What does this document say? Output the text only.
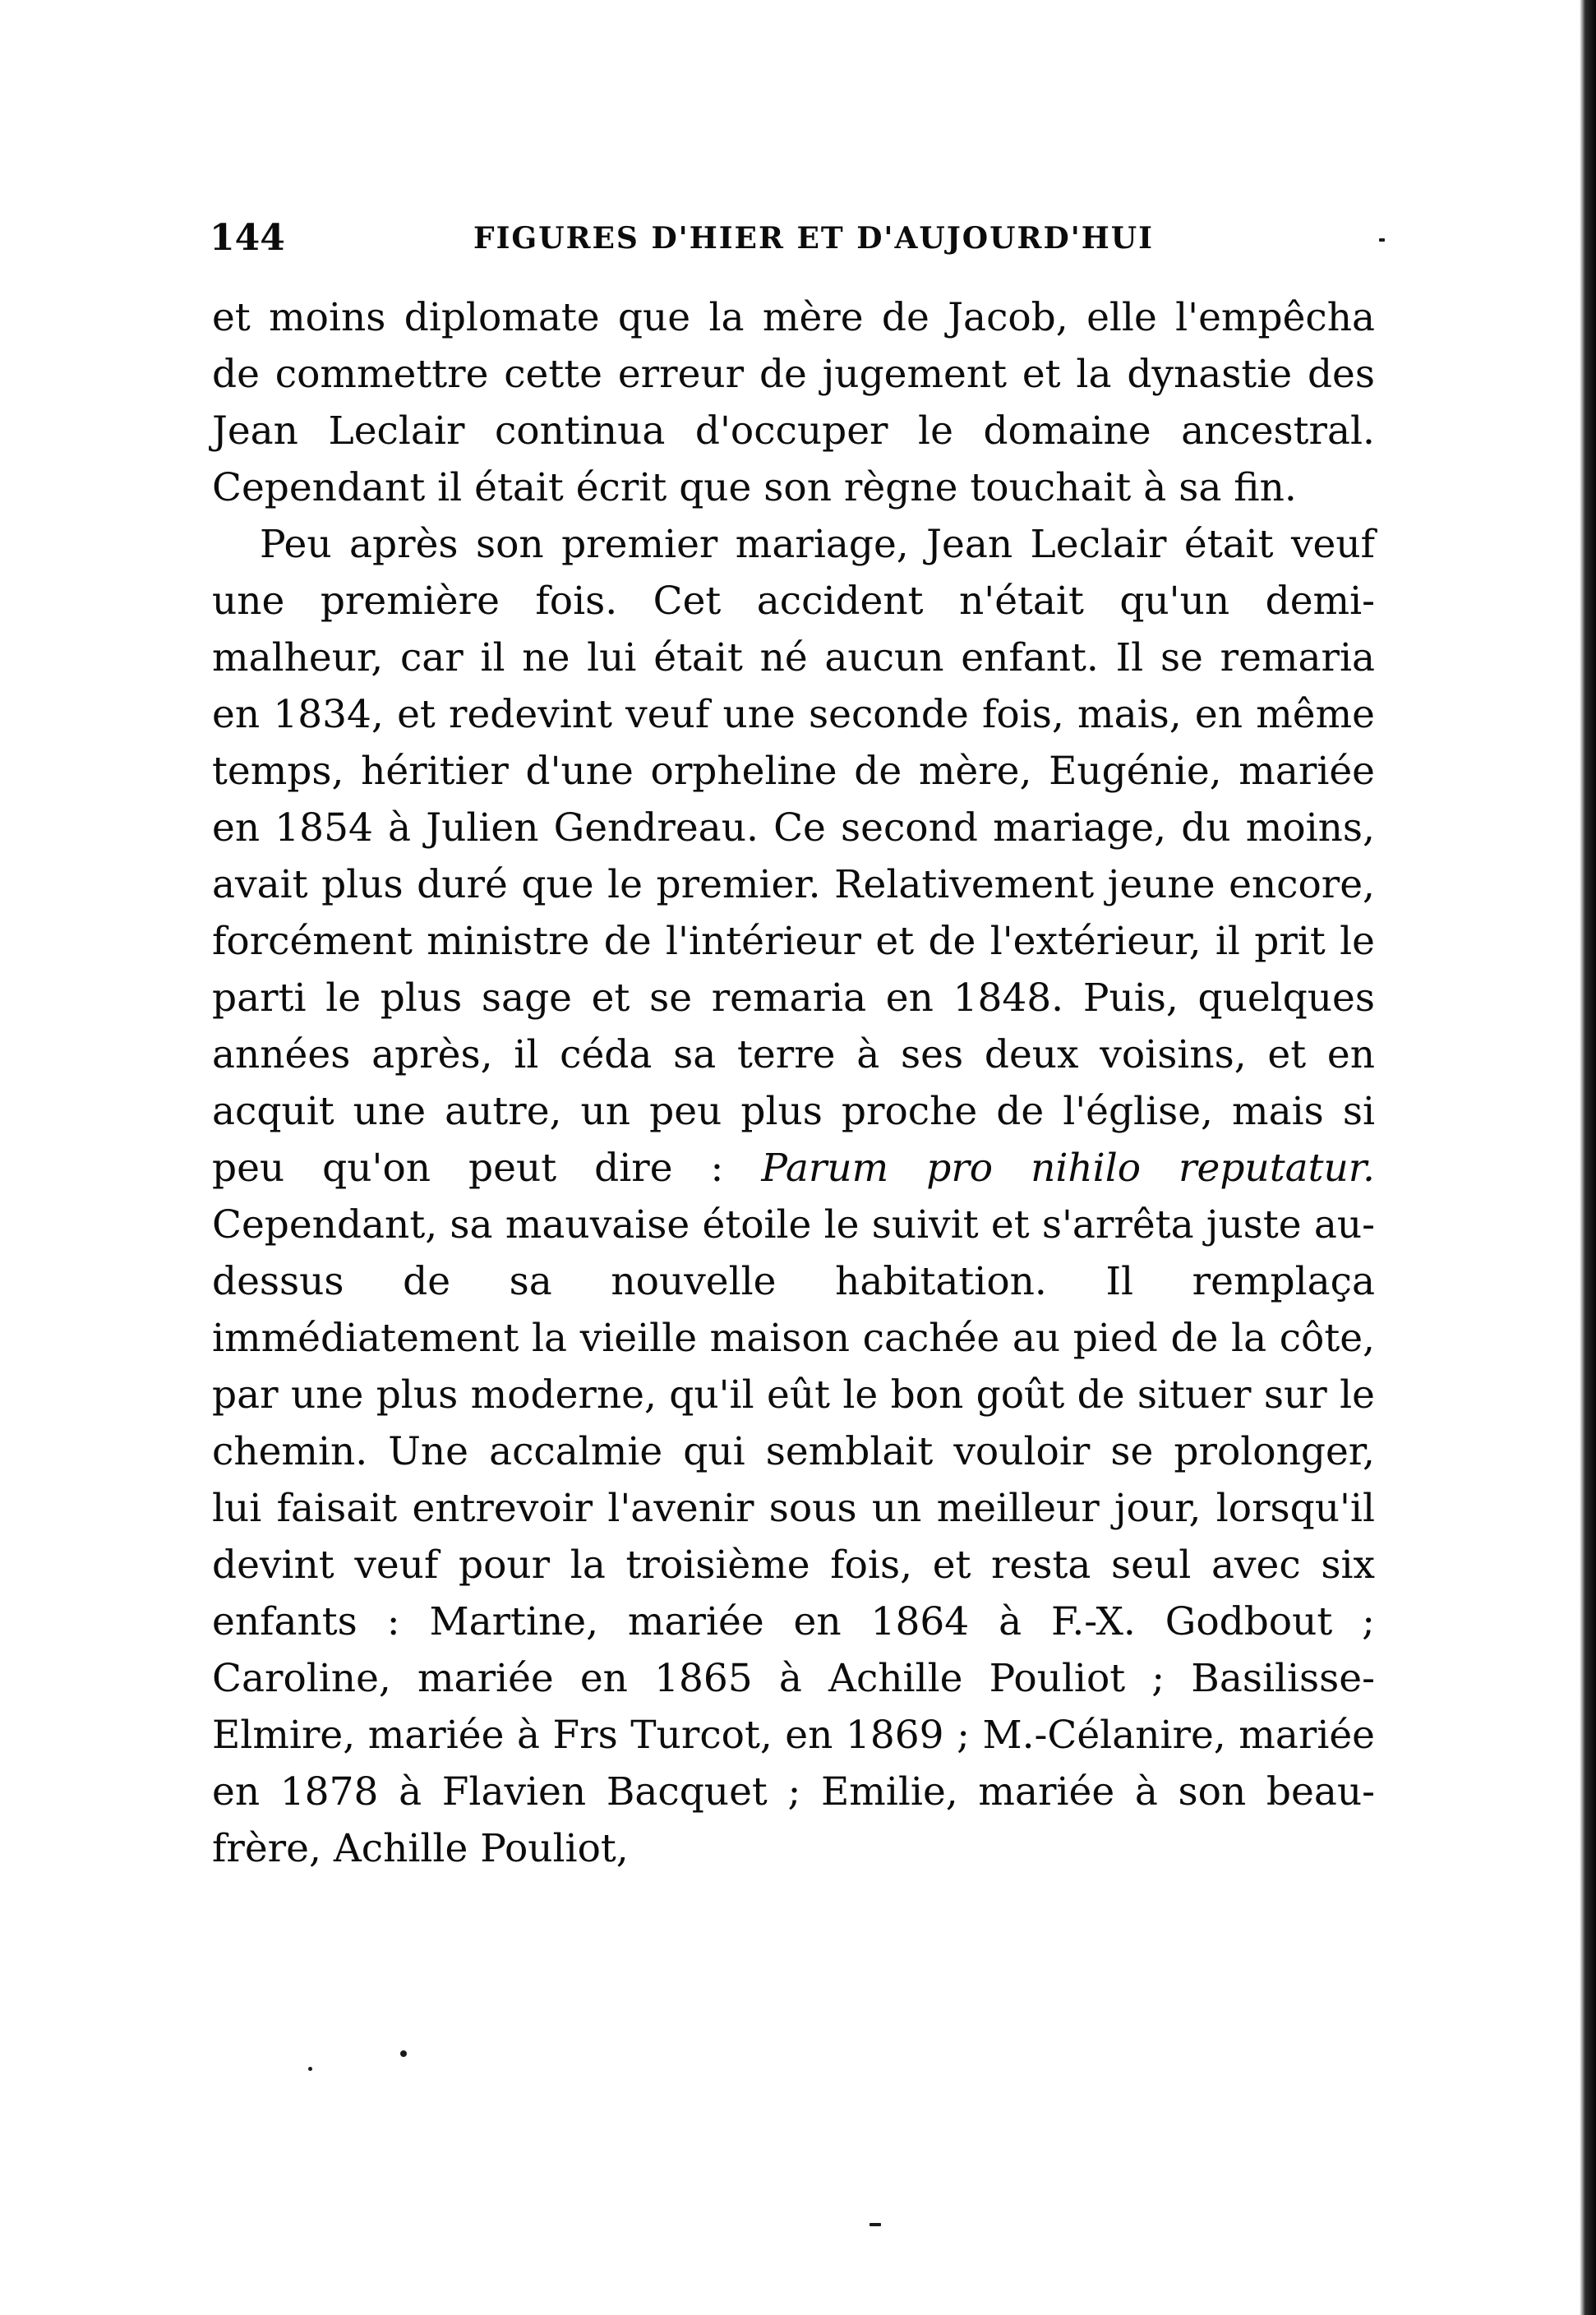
144	FIGURES D'HIER ET D'AUJOURD'HUI

et moins diplomate que la mère de Jacob, elle l'empêcha de commettre cette erreur de jugement et la dynastie des Jean Leclair continua d'occuper le domaine ancestral. Cependant il était écrit que son règne touchait à sa fin.

Peu après son premier mariage, Jean Leclair était veuf une première fois. Cet accident n'était qu'un demi-malheur, car il ne lui était né aucun enfant. Il se remaria en 1834, et redevint veuf une seconde fois, mais, en même temps, héritier d'une orpheline de mère, Eugénie, mariée en 1854 à Julien Gendreau. Ce second mariage, du moins, avait plus duré que le premier. Relativement jeune encore, forcément ministre de l'intérieur et de l'extérieur, il prit le parti le plus sage et se remaria en 1848. Puis, quelques années après, il céda sa terre à ses deux voisins, et en acquit une autre, un peu plus proche de l'église, mais si peu qu'on peut dire : Parum pro nihilo reputatur. Cependant, sa mauvaise étoile le suivit et s'arrêta juste au-dessus de sa nouvelle habitation. Il remplaça immédiatement la vieille maison cachée au pied de la côte, par une plus moderne, qu'il eût le bon goût de situer sur le chemin. Une accalmie qui semblait vouloir se prolonger, lui faisait entrevoir l'avenir sous un meilleur jour, lorsqu'il devint veuf pour la troisième fois, et resta seul avec six enfants : Martine, mariée en 1864 à F.-X. Godbout ; Caroline, mariée en 1865 à Achille Pouliot ; Basilisse-Elmire, mariée à Frs Turcot, en 1869 ; M.-Célanire, mariée en 1878 à Flavien Bacquet ; Emilie, mariée à son beau-frère, Achille Pouliot,
